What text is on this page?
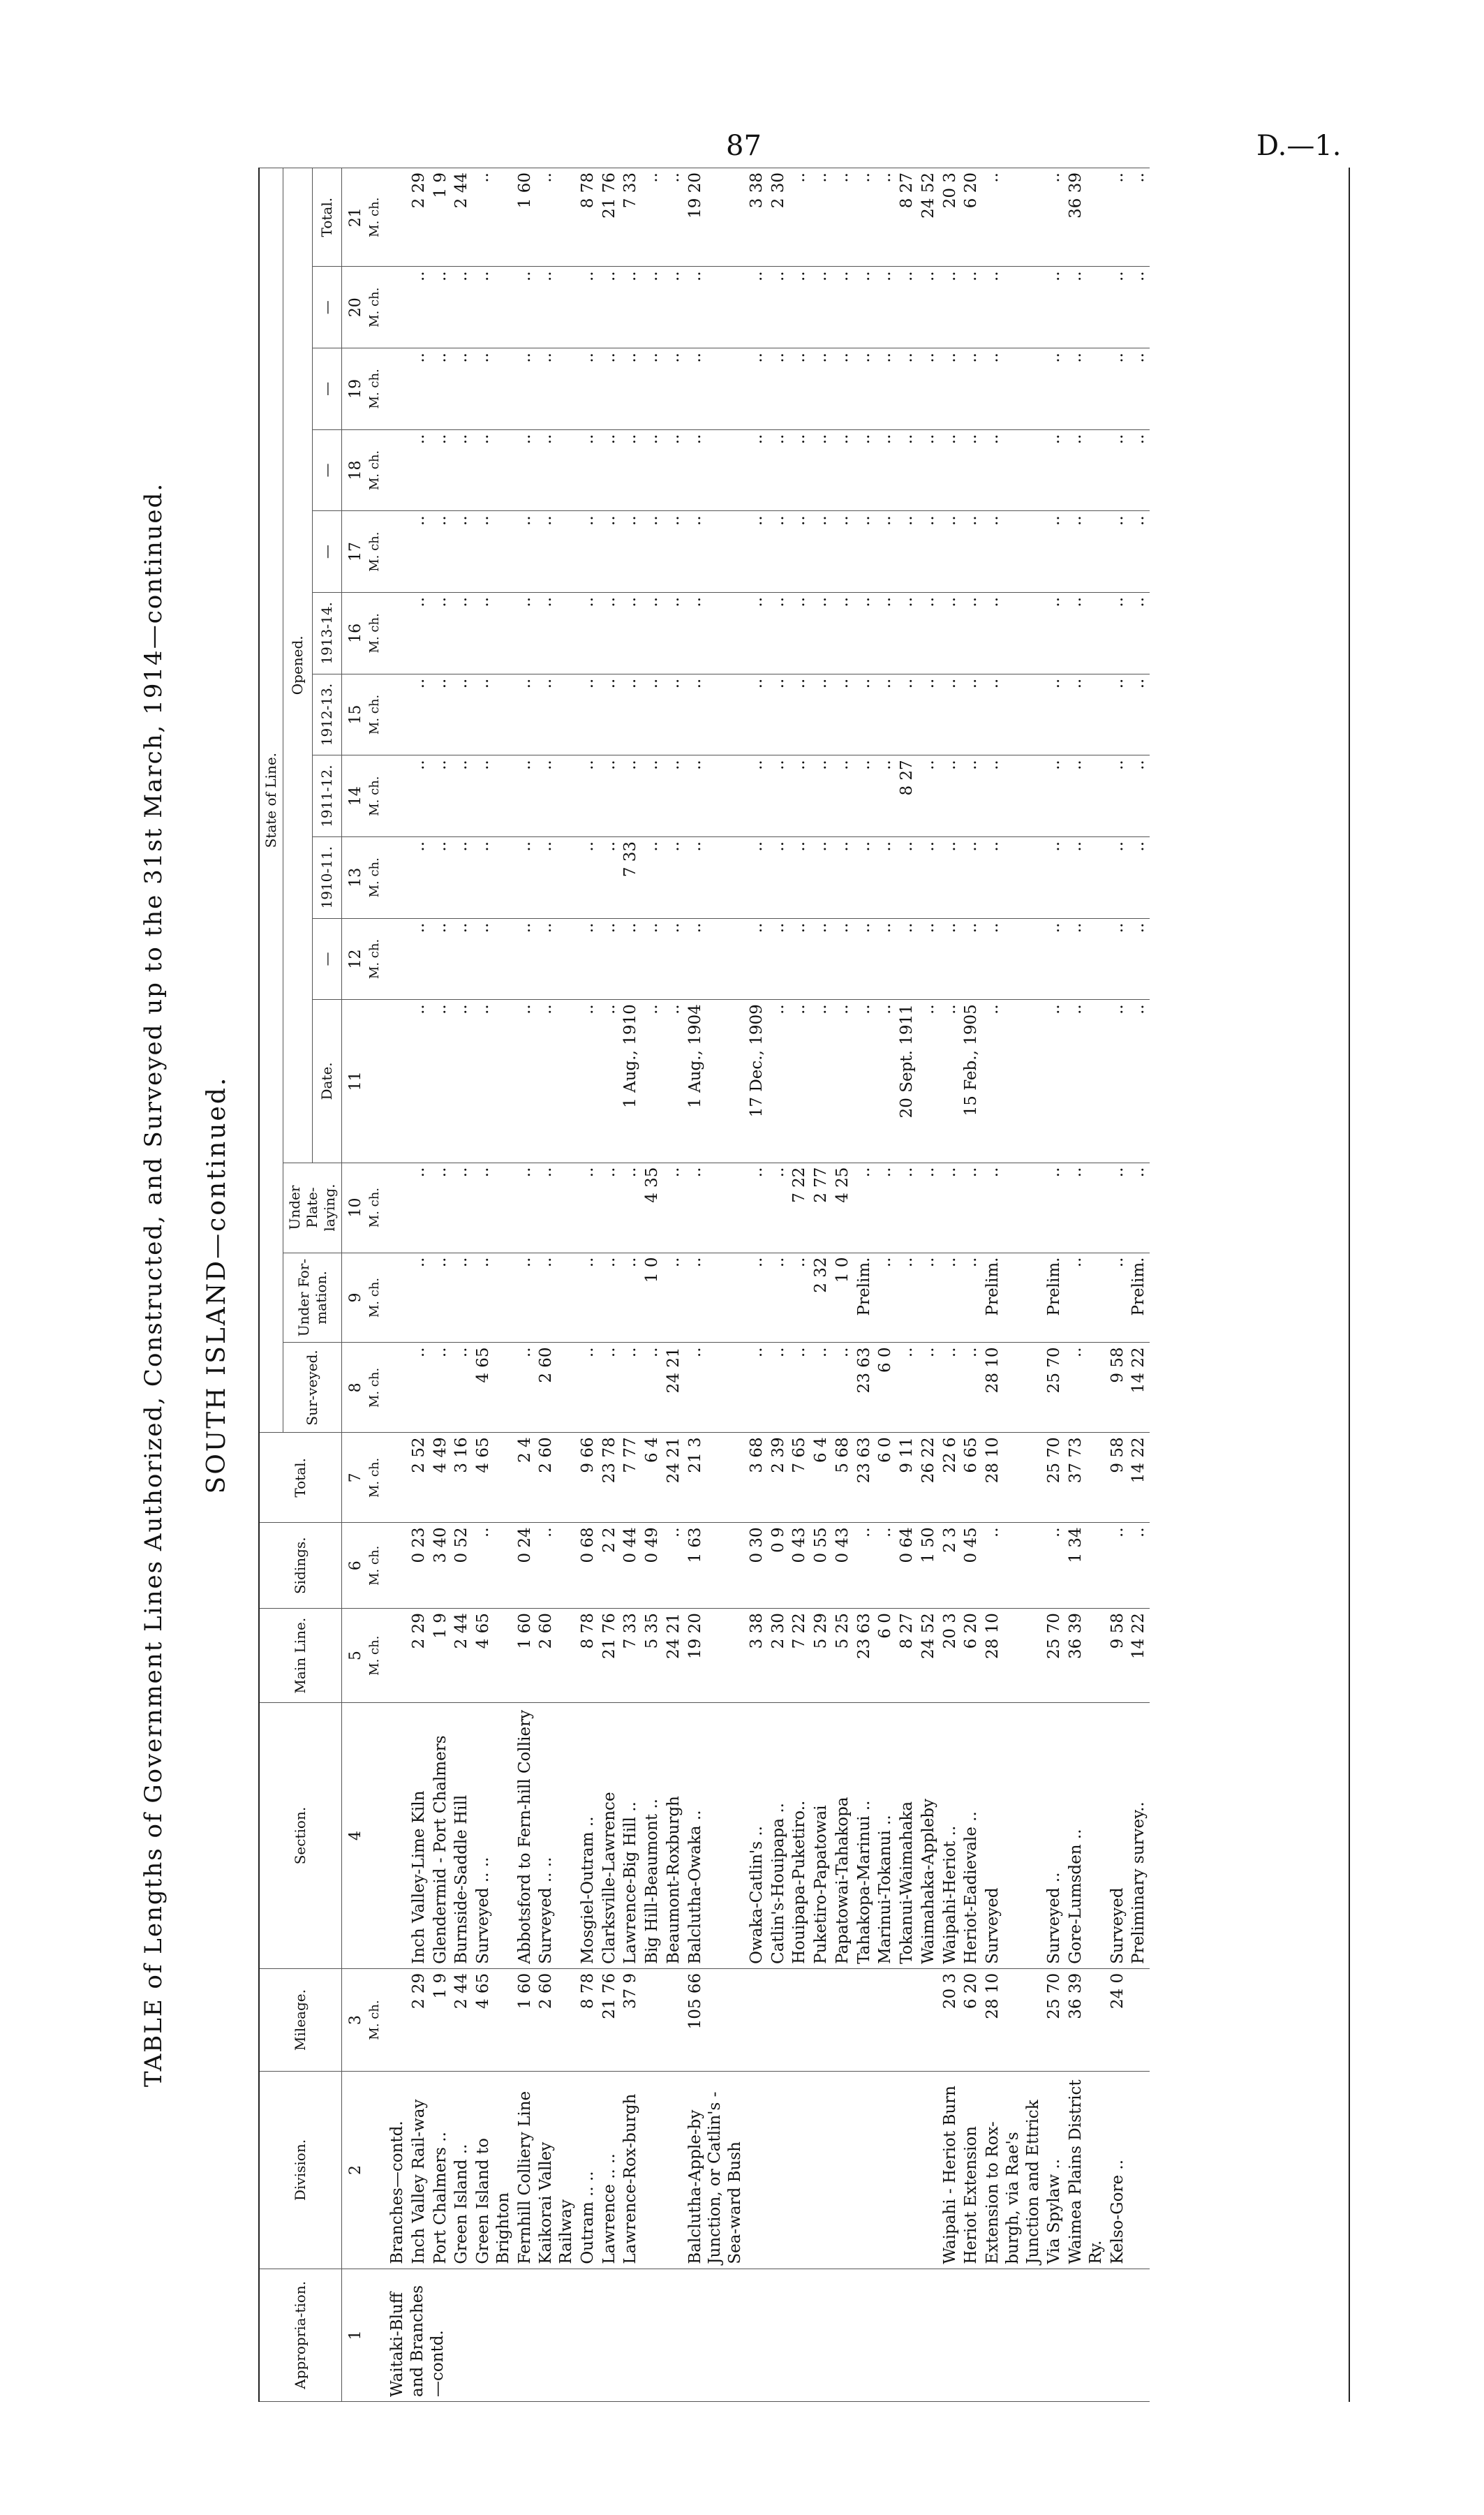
87	D.—1.
TABLE of Lengths of Government Lines Authorized, Constructed, and Surveyed up to the 31st March, 1914—continued. SOUTH ISLAND—continued.
Appropria-tion.	Division.	Mileage.	Section.	Main Line.	Sidings.	Total.	State of Line.													
							Sur-veyed.	Under For-mation.	Under Plate-laying.	Opened.										
										Date.	—	1910-11.	1911-12.	1912-13.	1913-14.	—	—	—	—	Total.
1	2	3	4	5	6	7	8	9	10	11	12	13	14	15	16	17	18	19	20	21
		M. ch.		M. ch.	M. ch.	M. ch.	M. ch.	M. ch.	M. ch.		M. ch.	M. ch.	M. ch.	M. ch.	M. ch.	M. ch.	M. ch.	M. ch.	M. ch.	M. ch.
Waitaki-Bluff and Branches —contd.	Branches—contd.																			
	Inch Valley Rail-way	2 29	Inch Valley-Lime Kiln	2 29	0 23	2 52	..	..	..	..	..	..	..	..	..	..	..	..	..	2 29
	Port Chalmers ..	1 9	Glendermid - Port Chalmers	1 9	3 40	4 49	..	..	..	..	..	..	..	..	..	..	..	..	..	1 9
	Green Island ..	2 44	Burnside-Saddle Hill	2 44	0 52	3 16	..	..	..	..	..	..	..	..	..	..	..	..	..	2 44
	Green Island to Brighton	4 65	Surveyed .. ..	4 65	..	4 65	4 65	..	..	..	..	..	..	..	..	..	..	..	..	..
	Fernhill Colliery Line	1 60	Abbotsford to Fern-hill Colliery	1 60	0 24	2 4	..	..	..	..	..	..	..	..	..	..	..	..	..	1 60
	Kaikorai Valley Railway	2 60	Surveyed .. ..	2 60	..	2 60	2 60	..	..	..	..	..	..	..	..	..	..	..	..	..
	Outram .. ..	8 78	Mosgiel-Outram ..	8 78	0 68	9 66	..	..	..	..	..	..	..	..	..	..	..	..	..	8 78
	Lawrence .. ..	21 76	Clarksville-Lawrence	21 76	2 2	23 78	..	..	..	..	..	..	..	..	..	..	..	..	..	21 76
	Lawrence-Rox-burgh	37 9	Lawrence-Big Hill ..	7 33	0 44	7 77	..	..	..	1 Aug., 1910	..	7 33	..	..	..	..	..	..	..	7 33
			Big Hill-Beaumont ..	5 35	0 49	6 4	..	1 0	4 35	..	..	..	..	..	..	..	..	..	..	..
			Beaumont-Roxburgh	24 21	..	24 21	24 21	..	..	..	..	..	..	..	..	..	..	..	..	..
	Balclutha-Apple-by Junction, or Catlin's - Sea-ward Bush	105 66	Balclutha-Owaka ..	19 20	1 63	21 3	..	..	..	1 Aug., 1904	..	..	..	..	..	..	..	..	..	19 20
			Owaka-Catlin's ..	3 38	0 30	3 68	..	..	..	17 Dec., 1909	..	..	..	..	..	..	..	..	..	3 38
			Catlin's-Houipapa ..	2 30	0 9	2 39	..	..	..	..	..	..	..	..	..	..	..	..	..	2 30
			Houipapa-Puketiro..	7 22	0 43	7 65	..	..	7 22	..	..	..	..	..	..	..	..	..	..	..
			Puketiro-Papatowai	5 29	0 55	6 4	..	2 32	2 77	..	..	..	..	..	..	..	..	..	..	..
			Papatowai-Tahakopa	5 25	0 43	5 68	..	1 0	4 25	..	..	..	..	..	..	..	..	..	..	..
			Tahakopa-Marinui ..	23 63	..	23 63	23 63	Prelim.	..	..	..	..	..	..	..	..	..	..	..	..
			Marinui-Tokanui ..	6 0	..	6 0	6 0	..	..	..	..	..	..	..	..	..	..	..	..	..
			Tokanui-Waimahaka	8 27	0 64	9 11	..	..	..	20 Sept. 1911	..	..	8 27	..	..	..	..	..	..	8 27
			Waimahaka-Appleby	24 52	1 50	26 22	..	..	..	..	..	..	..	..	..	..	..	..	..	24 52
	Waipahi - Heriot Burn	20 3	Waipahi-Heriot ..	20 3	2 3	22 6	..	..	..	..	..	..	..	..	..	..	..	..	..	20 3
	Heriot Extension	6 20	Heriot-Eadievale ..	6 20	0 45	6 65	..	..	..	15 Feb., 1905	..	..	..	..	..	..	..	..	..	6 20
	Extension to Rox-burgh, via Rae's Junction and Ettrick	28 10	Surveyed	28 10	..	28 10	28 10	Prelim.	..	..	..	..	..	..	..	..	..	..	..	..
	Via Spylaw ..	25 70	Surveyed ..	25 70	..	25 70	25 70	Prelim.	..	..	..	..	..	..	..	..	..	..	..	..
	Waimea Plains District Ry.	36 39	Gore-Lumsden ..	36 39	1 34	37 73	..	..	..	..	..	..	..	..	..	..	..	..	..	36 39
	Kelso-Gore ..	24 0	Surveyed	9 58	..	9 58	9 58	..	..	..	..	..	..	..	..	..	..	..	..	..
			Preliminary survey..	14 22	..	14 22	14 22	Prelim.	..	..	..	..	..	..	..	..	..	..	..	..
